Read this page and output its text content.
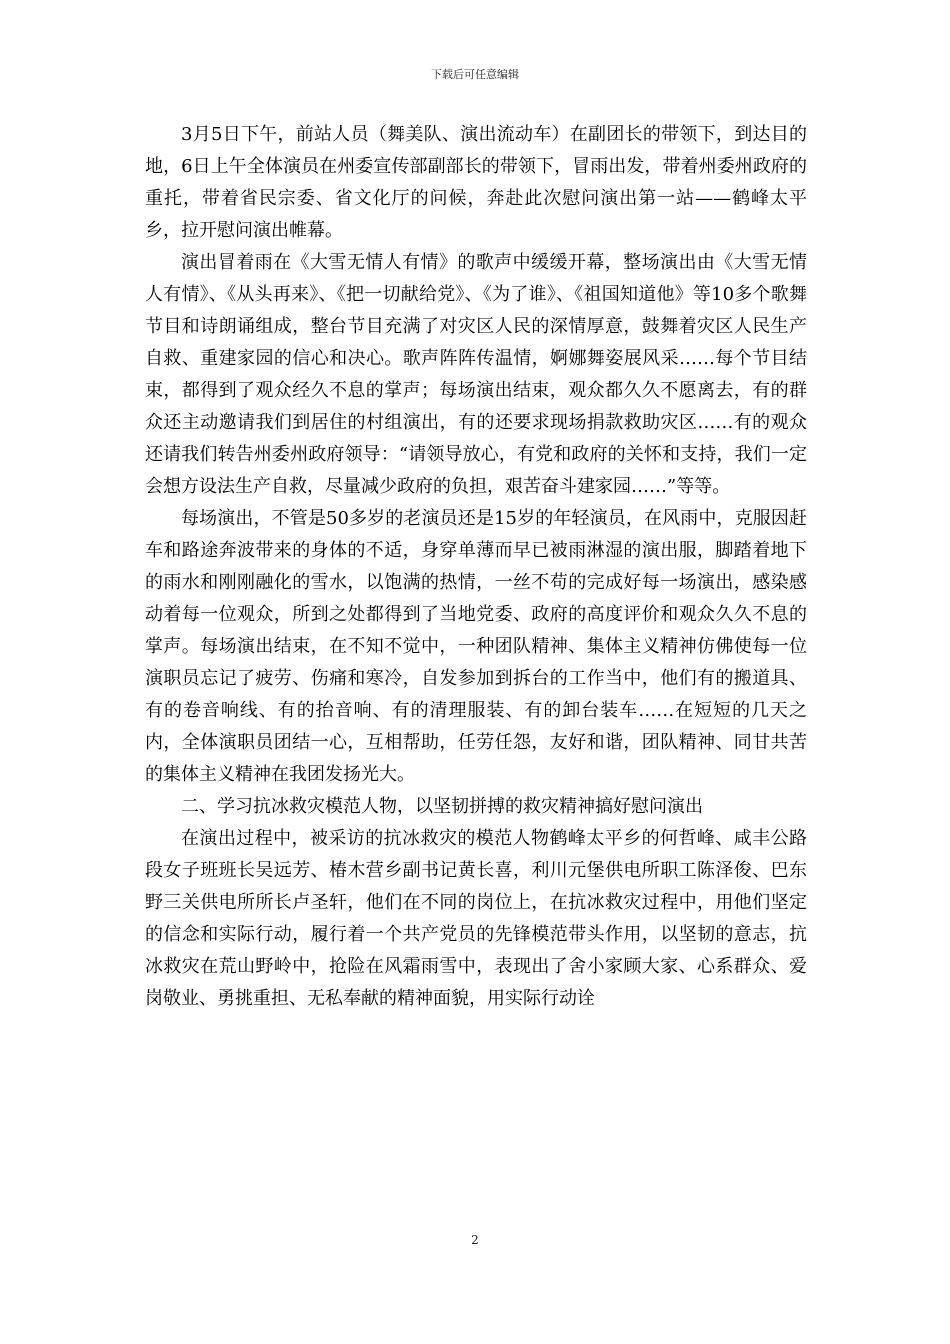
下载后可任意编辑

3月5日下午，前站人员（舞美队、演出流动车）在副团长的带领下，到达目的地，6日上午全体演员在州委宣传部副部长的带领下，冒雨出发，带着州委州政府的重托，带着省民宗委、省文化厅的问候，奔赴此次慰问演出第一站——鹤峰太平乡，拉开慰问演出帷幕。

演出冒着雨在《大雪无情人有情》的歌声中缓缓开幕，整场演出由《大雪无情人有情》、《从头再来》、《把一切献给党》、《为了谁》、《祖国知道他》等10多个歌舞节目和诗朗诵组成，整台节目充满了对灾区人民的深情厚意，鼓舞着灾区人民生产自救、重建家园的信心和决心。歌声阵阵传温情，婀娜舞姿展风采……每个节目结束，都得到了观众经久不息的掌声；每场演出结束，观众都久久不愿离去，有的群众还主动邀请我们到居住的村组演出，有的还要求现场捐款救助灾区……有的观众还请我们转告州委州政府领导：“请领导放心，有党和政府的关怀和支持，我们一定会想方设法生产自救，尽量减少政府的负担，艰苦奋斗建家园……”等等。

每场演出，不管是50多岁的老演员还是15岁的年轻演员，在风雨中，克服因赶车和路途奔波带来的身体的不适，身穿单薄而早已被雨淋湿的演出服，脚踏着地下的雨水和刚刚融化的雪水，以饱满的热情，一丝不苟的完成好每一场演出，感染感动着每一位观众，所到之处都得到了当地党委、政府的高度评价和观众久久不息的掌声。每场演出结束，在不知不觉中，一种团队精神、集体主义精神仿佛使每一位演职员忘记了疲劳、伤痛和寒冷，自发参加到拆台的工作当中，他们有的搬道具、有的卷音响线、有的抬音响、有的清理服装、有的卸台装车……在短短的几天之内，全体演职员团结一心，互相帮助，任劳任怨，友好和谐，团队精神、同甘共苦的集体主义精神在我团发扬光大。

二、学习抗冰救灾模范人物，以坚韧拼搏的救灾精神搞好慰问演出

在演出过程中，被采访的抗冰救灾的模范人物鹤峰太平乡的何哲峰、咸丰公路段女子班班长吴远芳、椿木营乡副书记黄长喜，利川元堡供电所职工陈泽俊、巴东野三关供电所所长卢圣轩，他们在不同的岗位上，在抗冰救灾过程中，用他们坚定的信念和实际行动，履行着一个共产党员的先锋模范带头作用，以坚韧的意志，抗冰救灾在荒山野岭中，抢险在风霜雨雪中，表现出了舍小家顾大家、心系群众、爱岗敬业、勇挑重担、无私奉献的精神面貌，用实际行动诠

2
